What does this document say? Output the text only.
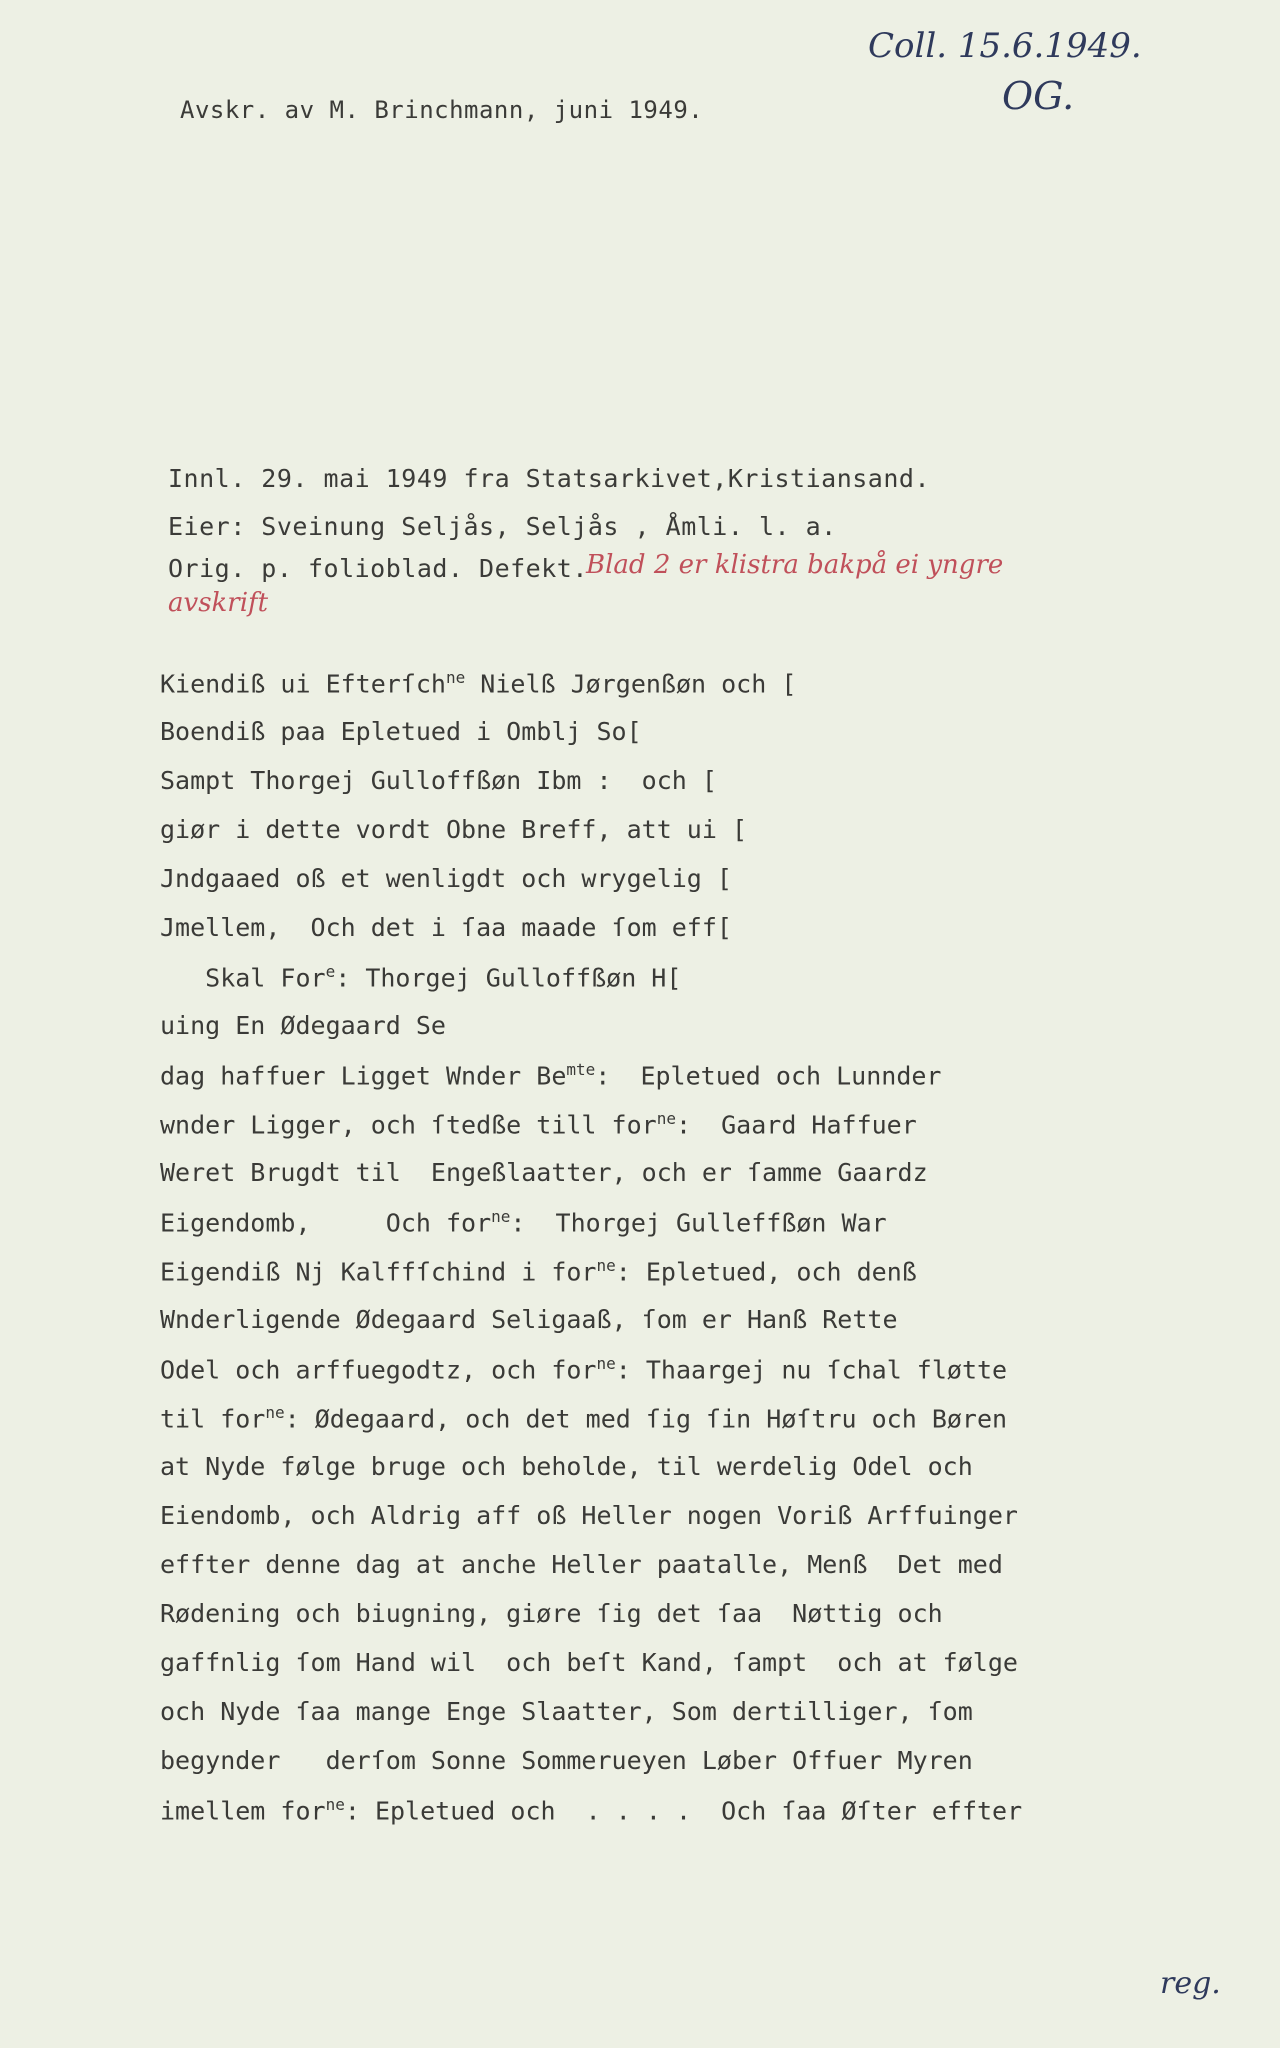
Coll. 15.6.1949.
OG.
Avskr. av M. Brinchmann, juni 1949.
Innl. 29. mai 1949 fra Statsarkivet,Kristiansand.
Eier: Sveinung Seljås, Seljås , Åmli. l. a.
Orig. p. folioblad. Defekt.
Blad 2 er klistra bakpå ei yngre
avskrift
Kiendiß ui Efterſch$^{ne}$ Nielß Jørgenßøn och [
Boendiß paa Epletued i Omblj So[
Sampt Thorgej Gulloffßøn Ibm :  och [
giør i dette vordt Obne Breff, att ui [
Jndgaaed oß et wenligdt och wrygelig [
Jmellem,  Och det i ſaa maade ſom eff[
Skal For$^e$: Thorgej Gulloffßøn H[
uing En Ødegaard Se
dag haffuer Ligget Wnder $Be^{mte}$:  Epletued och Lunnder
wnder Ligger, och ſtedße till for$^{ne}$:  Gaard Haffuer
Weret Brugdt til  Engeßlaatter, och er ſamme Gaardz
Eigendomb,     Och for$^{ne}$:  Thorgej Gulleffßøn War
Eigendiß Nj Kalffſchind i for$^{ne}$: Epletued, och denß
Wnderligende Ødegaard Seligaaß, ſom er Hanß Rette
Odel och arffuegodtz, och for$^{ne}$: Thaargej nu ſchal fløtte
til for$^{ne}$: Ødegaard, och det med ſig ſin Høſtru och Børen
at Nyde følge bruge och beholde, til werdelig Odel och
Eiendomb, och Aldrig aff oß Heller nogen Voriß Arffuinger
effter denne dag at anche Heller paatalle, Menß  Det med
Rødening och biugning, giøre ſig det ſaa  Nøttig och
gaffnlig ſom Hand wil  och beſt Kand, ſampt  och at følge
och Nyde ſaa mange Enge Slaatter, Som dertilliger, ſom
begynder   derſom Sonne Sommerueyen Løber Offuer Myren
imellem for$^{ne}$: Epletued och  . . . .  Och ſaa Øſter effter
reg.
